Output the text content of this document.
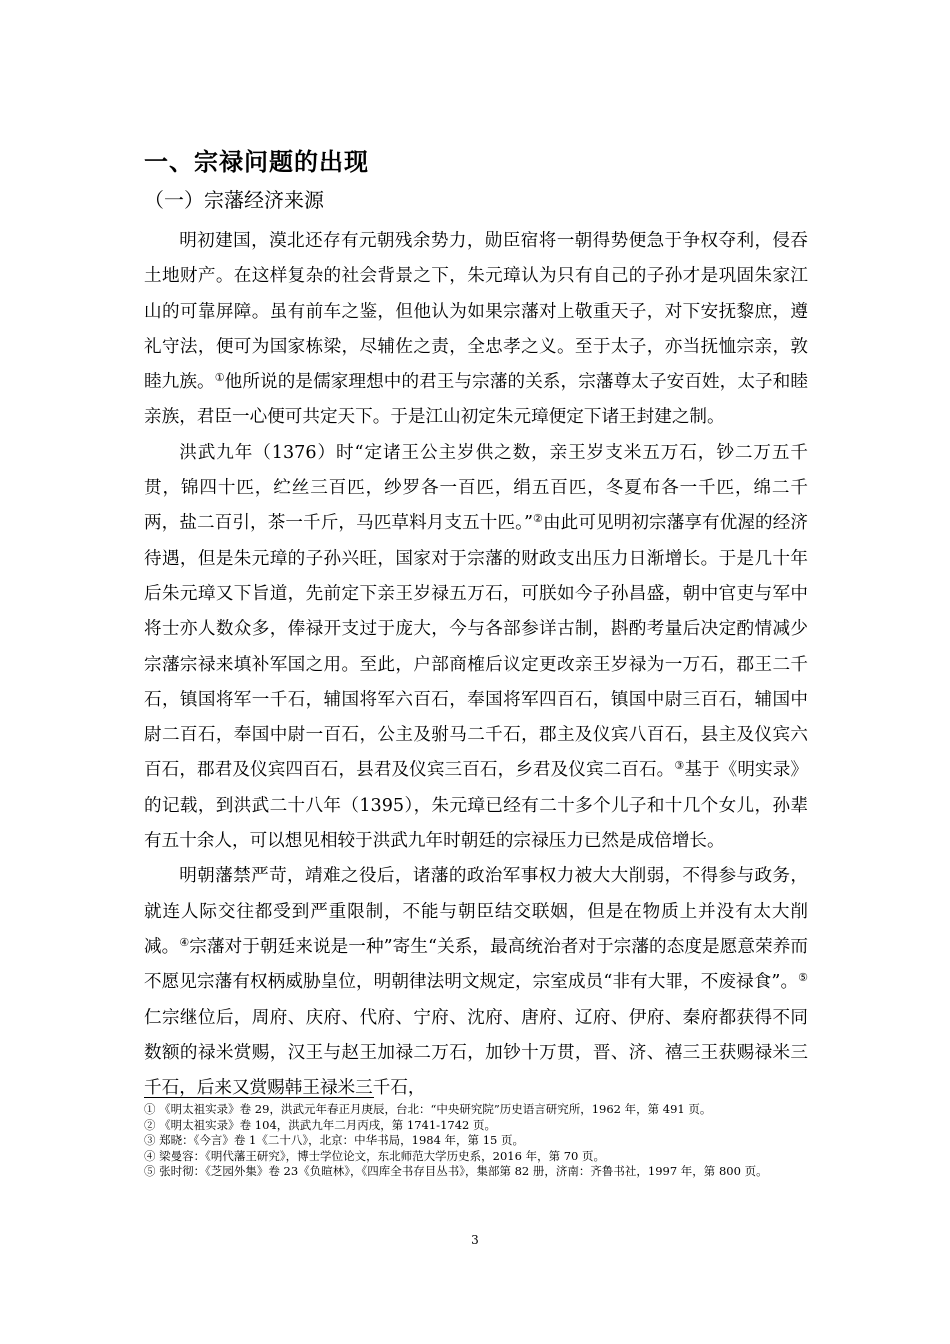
一、宗禄问题的出现
（一）宗藩经济来源

明初建国，漠北还存有元朝残余势力，勋臣宿将一朝得势便急于争权夺利，侵吞土地财产。在这样复杂的社会背景之下，朱元璋认为只有自己的子孙才是巩固朱家江山的可靠屏障。虽有前车之鉴，但他认为如果宗藩对上敬重天子，对下安抚黎庶，遵礼守法，便可为国家栋梁，尽辅佐之责，全忠孝之义。至于太子，亦当抚恤宗亲，敦睦九族。①他所说的是儒家理想中的君王与宗藩的关系，宗藩尊太子安百姓，太子和睦亲族，君臣一心便可共定天下。于是江山初定朱元璋便定下诸王封建之制。

洪武九年（1376）时“定诸王公主岁供之数，亲王岁支米五万石，钞二万五千贯，锦四十匹，纻丝三百匹，纱罗各一百匹，绢五百匹，冬夏布各一千匹，绵二千两，盐二百引，茶一千斤，马匹草料月支五十匹。”②由此可见明初宗藩享有优渥的经济待遇，但是朱元璋的子孙兴旺，国家对于宗藩的财政支出压力日渐增长。于是几十年后朱元璋又下旨道，先前定下亲王岁禄五万石，可朕如今子孙昌盛，朝中官吏与军中将士亦人数众多，俸禄开支过于庞大，今与各部参详古制，斟酌考量后决定酌情减少宗藩宗禄来填补军国之用。至此，户部商榷后议定更改亲王岁禄为一万石，郡王二千石，镇国将军一千石，辅国将军六百石，奉国将军四百石，镇国中尉三百石，辅国中尉二百石，奉国中尉一百石，公主及驸马二千石，郡主及仪宾八百石，县主及仪宾六百石，郡君及仪宾四百石，县君及仪宾三百石，乡君及仪宾二百石。③基于《明实录》的记载，到洪武二十八年（1395），朱元璋已经有二十多个儿子和十几个女儿，孙辈有五十余人，可以想见相较于洪武九年时朝廷的宗禄压力已然是成倍增长。

明朝藩禁严苛，靖难之役后，诸藩的政治军事权力被大大削弱，不得参与政务，就连人际交往都受到严重限制，不能与朝臣结交联姻，但是在物质上并没有太大削减。④宗藩对于朝廷来说是一种”寄生“关系，最高统治者对于宗藩的态度是愿意荣养而不愿见宗藩有权柄威胁皇位，明朝律法明文规定，宗室成员“非有大罪，不废禄食”。⑤仁宗继位后，周府、庆府、代府、宁府、沈府、唐府、辽府、伊府、秦府都获得不同数额的禄米赏赐，汉王与赵王加禄二万石，加钞十万贯，晋、济、禧三王获赐禄米三千石，后来又赏赐韩王禄米三千石，

① 《明太祖实录》卷 29，洪武元年春正月庚辰，台北：“中央研究院”历史语言研究所，1962 年，第 491 页。

② 《明太祖实录》卷 104，洪武九年二月丙戌，第 1741-1742 页。

③ 郑晓：《今言》卷 1《二十八》，北京：中华书局，1984 年，第 15 页。

④ 梁曼容：《明代藩王研究》，博士学位论文，东北师范大学历史系，2016 年，第 70 页。

⑤ 张时彻：《芝园外集》卷 23《负暄林》，《四库全书存目丛书》，集部第 82 册，济南：齐鲁书社，1997 年，第 800 页。

3
